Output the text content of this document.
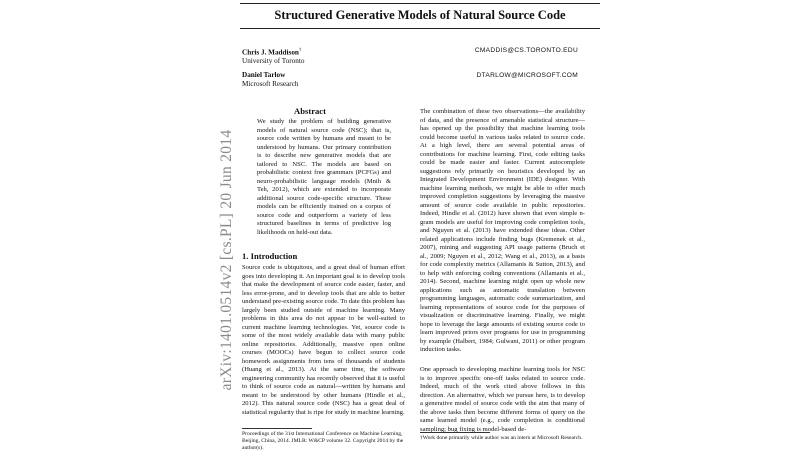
arXiv:1401.0514v2 [cs.PL] 20 Jun 2014
Structured Generative Models of Natural Source Code
Chris J. Maddison†
University of Toronto
CMADDIS@CS.TORONTO.EDU
Daniel Tarlow
Microsoft Research
DTARLOW@MICROSOFT.COM
Abstract
We study the problem of building generative models of natural source code (NSC); that is, source code written by humans and meant to be understood by humans. Our primary contribution is to describe new generative models that are tailored to NSC. The models are based on probabilistic context free grammars (PCFGs) and neuro-probabilistic language models (Mnih & Teh, 2012), which are extended to incorporate additional source code-specific structure. These models can be efficiently trained on a corpus of source code and outperform a variety of less structured baselines in terms of predictive log likelihoods on held-out data.
1. Introduction
Source code is ubiquitous, and a great deal of human effort goes into developing it. An important goal is to develop tools that make the development of source code easier, faster, and less error-prone, and to develop tools that are able to better understand pre-existing source code. To date this problem has largely been studied outside of machine learning. Many problems in this area do not appear to be well-suited to current machine learning technologies. Yet, source code is some of the most widely available data with many public online repositories. Additionally, massive open online courses (MOOCs) have begun to collect source code homework assignments from tens of thousands of students (Huang et al., 2013). At the same time, the software engineering community has recently observed that it is useful to think of source code as natural—written by humans and meant to be understood by other humans (Hindle et al., 2012). This natural source code (NSC) has a great deal of statistical regularity that is ripe for study in machine learning.
The combination of these two observations—the availability of data, and the presence of amenable statistical structure—has opened up the possibility that machine learning tools could become useful in various tasks related to source code. At a high level, there are several potential areas of contributions for machine learning. First, code editing tasks could be made easier and faster. Current autocomplete suggestions rely primarily on heuristics developed by an Integrated Development Environment (IDE) designer. With machine learning methods, we might be able to offer much improved completion suggestions by leveraging the massive amount of source code available in public repositories. Indeed, Hindle et al. (2012) have shown that even simple n-gram models are useful for improving code completion tools, and Nguyen et al. (2013) have extended these ideas. Other related applications include finding bugs (Kremenek et al., 2007), mining and suggesting API usage patterns (Bruch et al., 2009; Nguyen et al., 2012; Wang et al., 2013), as a basis for code complexity metrics (Allamanis & Sutton, 2013), and to help with enforcing coding conventions (Allamanis et al., 2014). Second, machine learning might open up whole new applications such as automatic translation between programming languages, automatic code summarization, and learning representations of source code for the purposes of visualization or discriminative learning. Finally, we might hope to leverage the large amounts of existing source code to learn improved priors over programs for use in programming by example (Halbert, 1984; Gulwani, 2011) or other program induction tasks.
One approach to developing machine learning tools for NSC is to improve specific one-off tasks related to source code. Indeed, much of the work cited above follows in this direction. An alternative, which we pursue here, is to develop a generative model of source code with the aim that many of the above tasks then become different forms of query on the same learned model (e.g., code completion is conditional sampling; bug fixing is model-based de-
Proceedings of the 31st International Conference on Machine Learning, Beijing, China, 2014. JMLR: W&CP volume 32. Copyright 2014 by the author(s).
†Work done primarily while author was an intern at Microsoft Research.
